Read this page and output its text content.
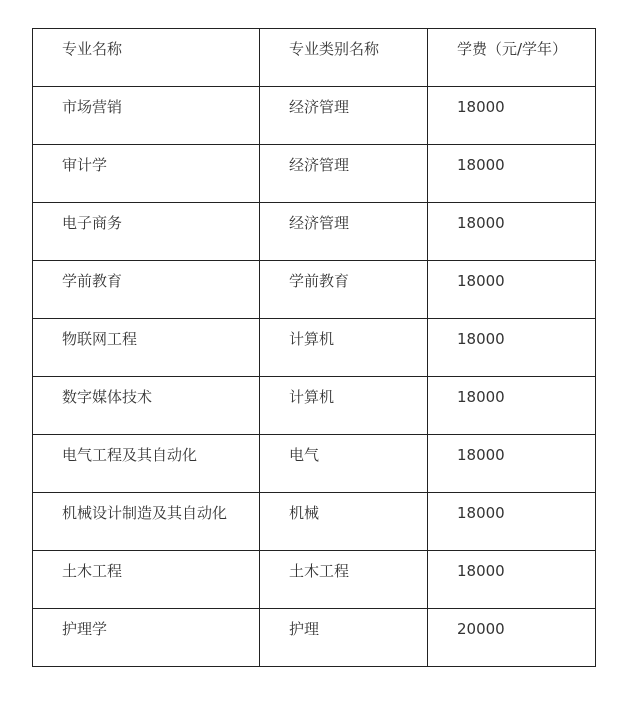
专业名称	专业类别名称	学费（元/学年）
市场营销	经济管理	18000
审计学	经济管理	18000
电子商务	经济管理	18000
学前教育	学前教育	18000
物联网工程	计算机	18000
数字媒体技术	计算机	18000
电气工程及其自动化	电气	18000
机械设计制造及其自动化	机械	18000
土木工程	土木工程	18000
护理学	护理	20000
